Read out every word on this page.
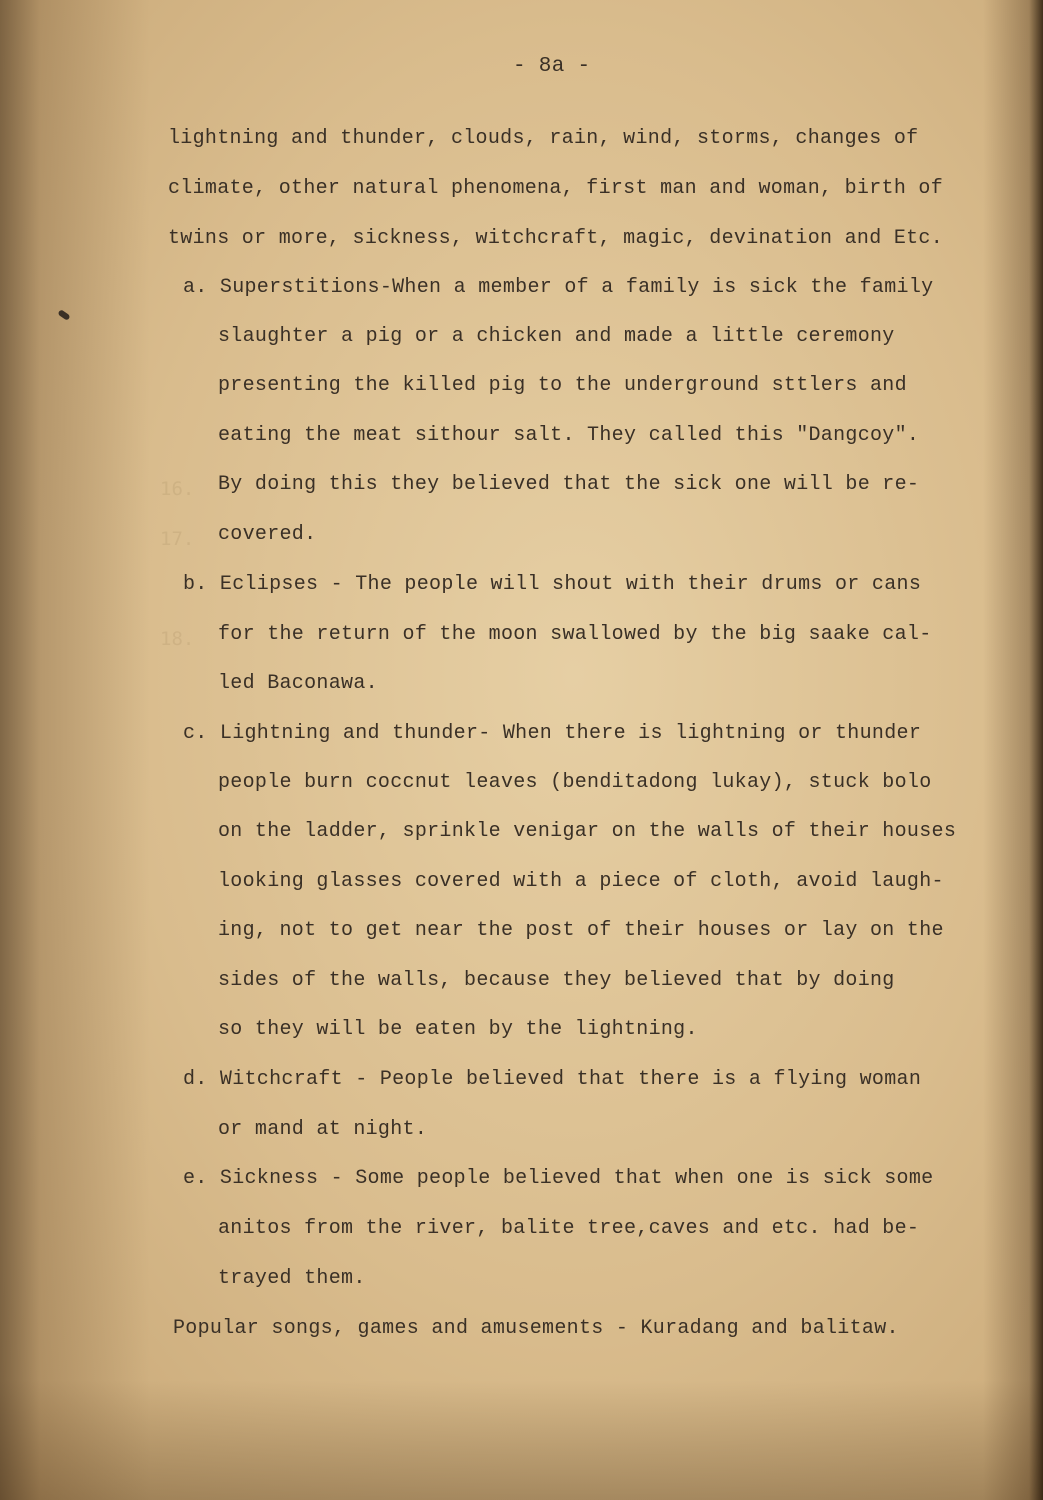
16.
17.
18.
- 8a -
lightning and thunder, clouds, rain, wind, storms, changes of
climate, other natural phenomena, first man and woman, birth of
twins or more, sickness, witchcraft, magic, devination and Etc.
a. Superstitions-When a member of a family is sick the family
slaughter a pig or a chicken and made a little ceremony
presenting the killed pig to the underground sttlers and
eating the meat sithour salt. They called this "Dangcoy".
By doing this they believed that the sick one will be re-
covered.
b. Eclipses - The people will shout with their drums or cans
for the return of the moon swallowed by the big saake cal-
led Baconawa.
c. Lightning and thunder- When there is lightning or thunder
people burn coccnut leaves (benditadong lukay), stuck bolo
on the ladder, sprinkle venigar on the walls of their houses
looking glasses covered with a piece of cloth, avoid laugh-
ing, not to get near the post of their houses or lay on the
sides of the walls, because they believed that by doing
so they will be eaten by the lightning.
d. Witchcraft - People believed that there is a flying woman
or mand at night.
e. Sickness - Some people believed that when one is sick some
anitos from the river, balite tree,caves and etc. had be-
trayed them.
Popular songs, games and amusements - Kuradang and balitaw.
